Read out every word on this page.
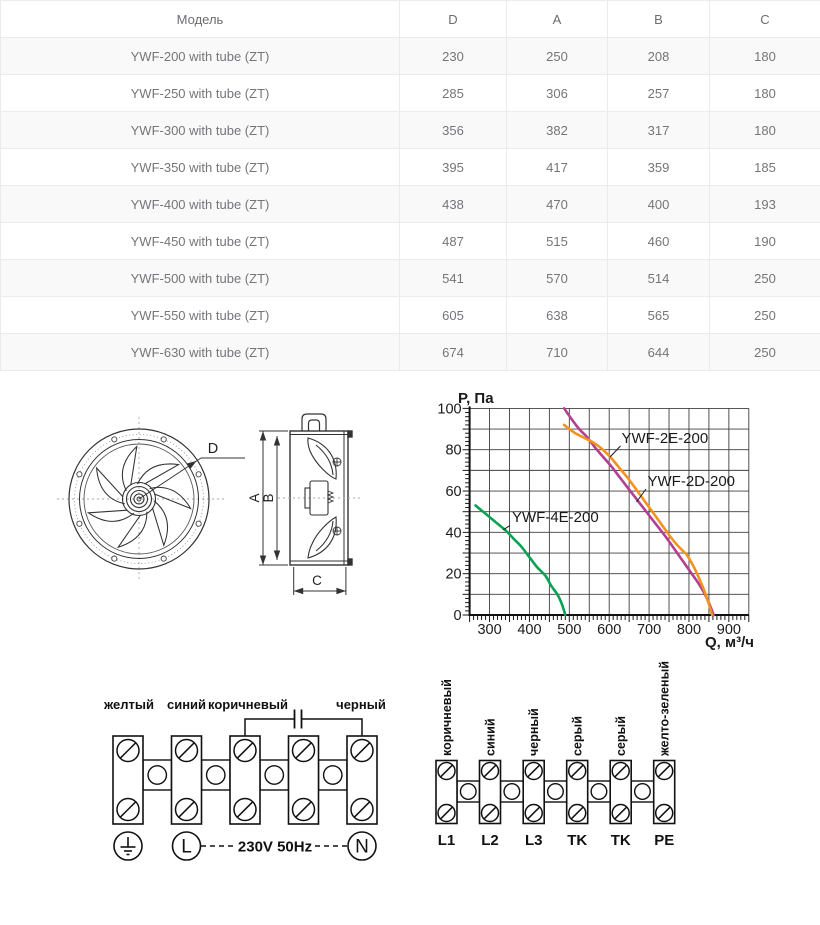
Модель	D	A	B	C
YWF-200 with tube (ZT)	230	250	208	180
YWF-250 with tube (ZT)	285	306	257	180
YWF-300 with tube (ZT)	356	382	317	180
YWF-350 with tube (ZT)	395	417	359	185
YWF-400 with tube (ZT)	438	470	400	193
YWF-450 with tube (ZT)	487	515	460	190
YWF-500 with tube (ZT)	541	570	514	250
YWF-550 with tube (ZT)	605	638	565	250
YWF-630 with tube (ZT)	674	710	644	250
D
A B
C
0
20
40
60
80
100
300 400 500 600 700 800 900
P, Па
Q, м³/ч
YWF-4E-200
YWF-2D-200
YWF-2E-200
желтый синий коричневый	черный
L	N
230V 50Hz
коричневый синий черный серый серый желто-зеленый
L1 L2 L3 TK TK PE
